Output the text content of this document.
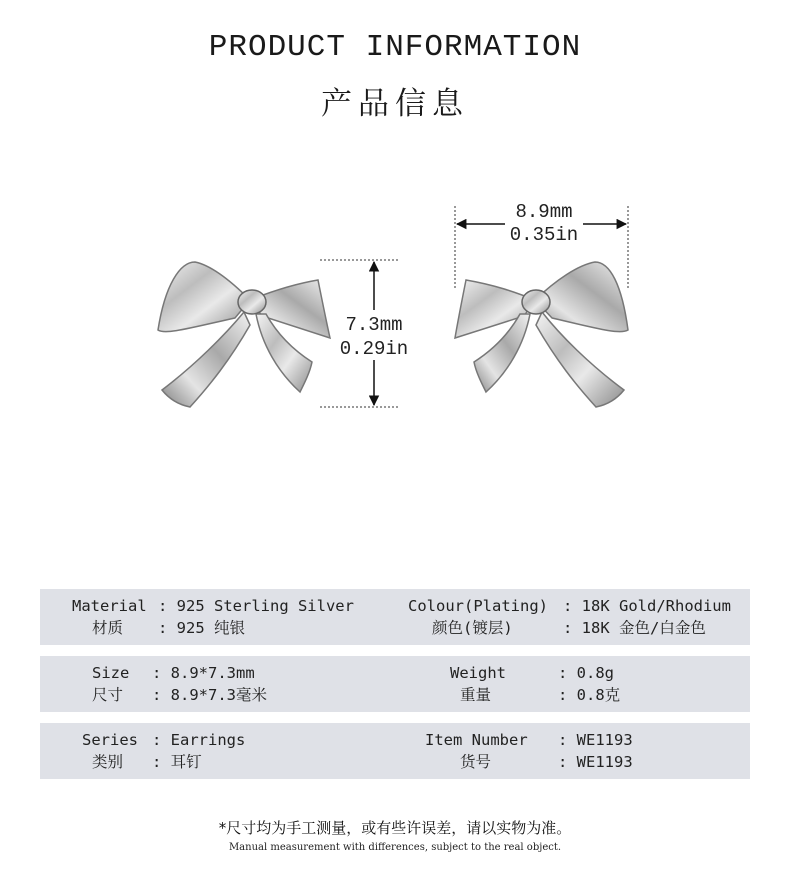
PRODUCT INFORMATION
产品信息
7.3mm
0.29in
8.9mm
0.35in
Material : 925 Sterling Silver
材质 : 925 纯银
Colour(Plating) : 18K Gold/Rhodium
颜色(镀层)	: 18K 金色/白金色
Size : 8.9*7.3mm
尺寸 : 8.9*7.3毫米
Weight	: 0.8g
重量	: 0.8克
Series : Earrings
类别 : 耳钉
Item Number : WE1193
货号	: WE1193
*尺寸均为手工测量，或有些许误差，请以实物为准。
Manual measurement with differences, subject to the real object.
